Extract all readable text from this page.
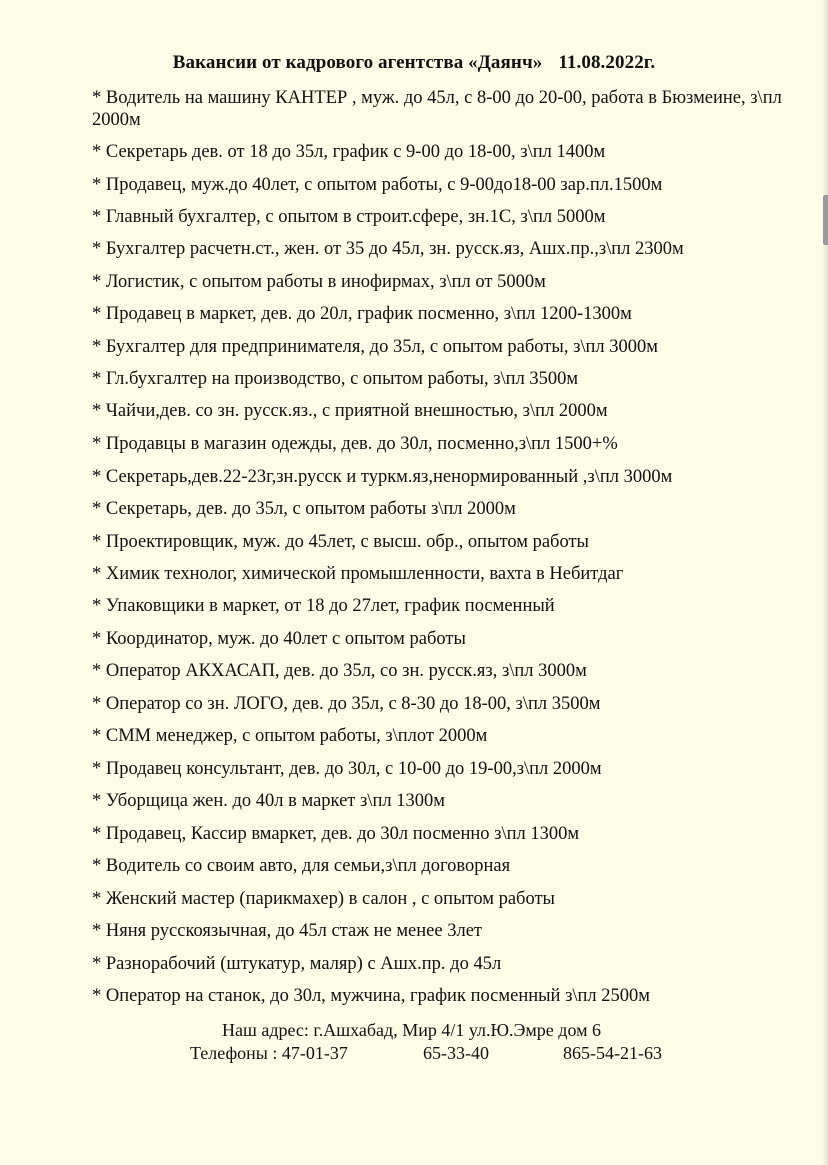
Вакансии от кадрового агентства «Даянч» 11.08.2022г.
* Водитель на машину КАНТЕР , муж. до 45л, с 8-00 до 20-00, работа в Бюзмеине, з\пл 2000м
* Секретарь дев. от 18 до 35л, график с 9-00 до 18-00, з\пл 1400м
* Продавец, муж.до 40лет, с опытом работы, с 9-00до18-00 зар.пл.1500м
* Главный бухгалтер, с опытом в строит.сфере, зн.1С, з\пл 5000м
* Бухгалтер расчетн.ст., жен. от 35 до 45л, зн. русск.яз, Ашх.пр.,з\пл 2300м
* Логистик, с опытом работы в инофирмах, з\пл от 5000м
* Продавец в маркет, дев. до 20л, график посменно, з\пл 1200-1300м
* Бухгалтер для предпринимателя, до 35л, с опытом работы, з\пл 3000м
* Гл.бухгалтер на производство, с опытом работы, з\пл 3500м
* Чайчи,дев. со зн. русск.яз., с приятной внешностью, з\пл 2000м
* Продавцы в магазин одежды, дев. до 30л, посменно,з\пл 1500+%
* Секретарь,дев.22-23г,зн.русск и туркм.яз,ненормированный ,з\пл 3000м
* Секретарь, дев. до 35л, с опытом работы з\пл 2000м
* Проектировщик, муж. до 45лет, с высш. обр., опытом работы
* Химик технолог, химической промышленности, вахта в Небитдаг
* Упаковщики в маркет, от 18 до 27лет, график посменный
* Координатор, муж. до 40лет с опытом работы
* Оператор АКХАСАП, дев. до 35л, со зн. русск.яз, з\пл 3000м
* Оператор со зн. ЛОГО, дев. до 35л, с 8-30 до 18-00, з\пл 3500м
* СММ менеджер, с опытом работы, з\плот 2000м
* Продавец консультант, дев. до 30л, с 10-00 до 19-00,з\пл 2000м
* Уборщица жен. до 40л в маркет з\пл 1300м
* Продавец, Кассир вмаркет, дев. до 30л посменно з\пл 1300м
* Водитель со своим авто, для семьи,з\пл договорная
* Женский мастер (парикмахер) в салон , с опытом работы
* Няня русскоязычная, до 45л стаж не менее 3лет
* Разнорабочий (штукатур, маляр) с Ашх.пр. до 45л
* Оператор на станок, до 30л, мужчина, график посменный з\пл 2500м
Наш адрес: г.Ашхабад, Мир 4/1 ул.Ю.Эмре дом 6
Телефоны : 47-01-37	65-33-40	865-54-21-63
